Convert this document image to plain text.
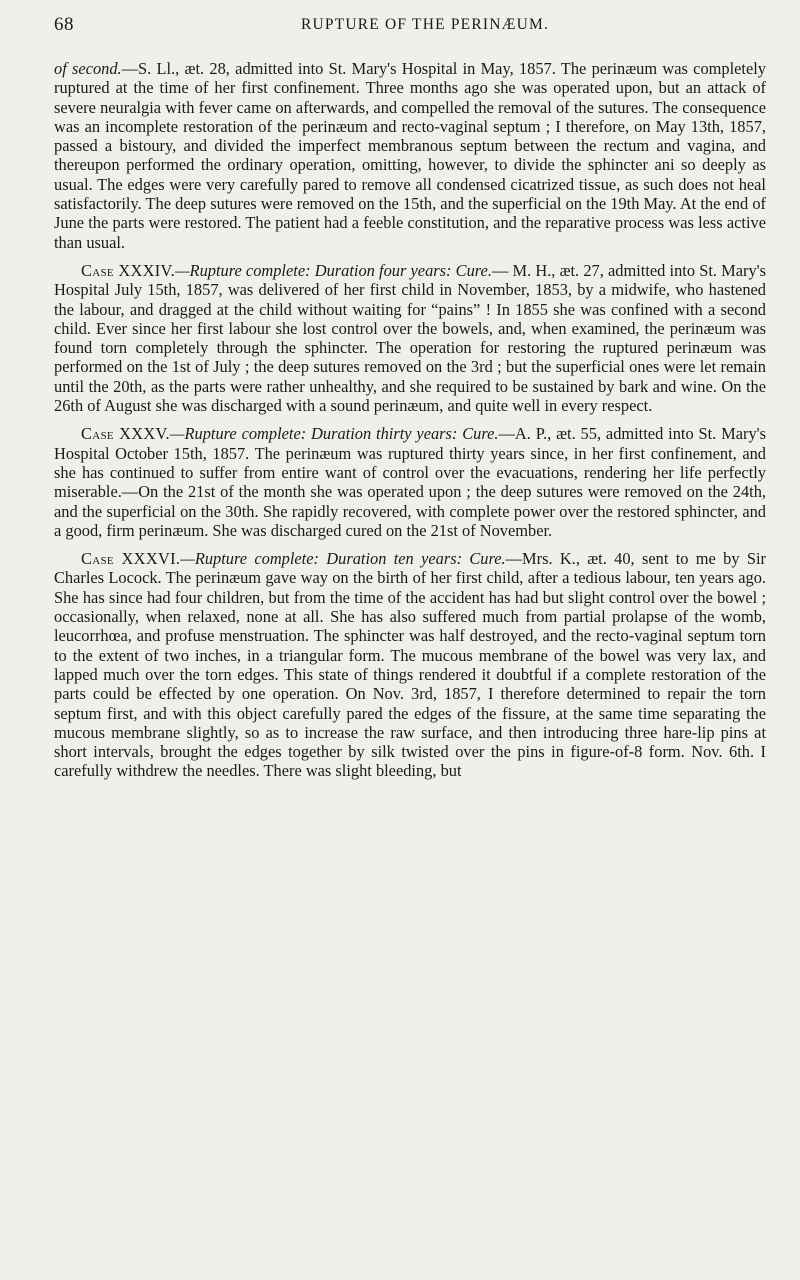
68	RUPTURE OF THE PERINÆUM.

of second.—S. Ll., æt. 28, admitted into St. Mary's Hospital in May, 1857. The perinæum was completely ruptured at the time of her first confinement. Three months ago she was operated upon, but an attack of severe neuralgia with fever came on afterwards, and compelled the removal of the sutures. The consequence was an incomplete restoration of the perinæum and recto-vaginal septum ; I therefore, on May 13th, 1857, passed a bistoury, and divided the imperfect membranous septum between the rectum and vagina, and thereupon performed the ordinary operation, omitting, however, to divide the sphincter ani so deeply as usual. The edges were very carefully pared to remove all condensed cicatrized tissue, as such does not heal satisfactorily. The deep sutures were removed on the 15th, and the superficial on the 19th May. At the end of June the parts were restored. The patient had a feeble constitution, and the reparative process was less active than usual.

Case XXXIV.—Rupture complete: Duration four years: Cure.— M. H., æt. 27, admitted into St. Mary's Hospital July 15th, 1857, was delivered of her first child in November, 1853, by a midwife, who hastened the labour, and dragged at the child without waiting for “pains” ! In 1855 she was confined with a second child. Ever since her first labour she lost control over the bowels, and, when examined, the perinæum was found torn completely through the sphincter. The operation for restoring the ruptured perinæum was performed on the 1st of July ; the deep sutures removed on the 3rd ; but the superficial ones were let remain until the 20th, as the parts were rather unhealthy, and she required to be sustained by bark and wine. On the 26th of August she was discharged with a sound perinæum, and quite well in every respect.

Case XXXV.—Rupture complete: Duration thirty years: Cure.—A. P., æt. 55, admitted into St. Mary's Hospital October 15th, 1857. The perinæum was ruptured thirty years since, in her first confinement, and she has continued to suffer from entire want of control over the evacuations, rendering her life perfectly miserable.—On the 21st of the month she was operated upon ; the deep sutures were removed on the 24th, and the superficial on the 30th. She rapidly recovered, with complete power over the restored sphincter, and a good, firm perinæum. She was discharged cured on the 21st of November.

Case XXXVI.—Rupture complete: Duration ten years: Cure.—Mrs. K., æt. 40, sent to me by Sir Charles Locock. The perinæum gave way on the birth of her first child, after a tedious labour, ten years ago. She has since had four children, but from the time of the accident has had but slight control over the bowel ; occasionally, when relaxed, none at all. She has also suffered much from partial prolapse of the womb, leucorrhœa, and profuse menstruation. The sphincter was half destroyed, and the recto-vaginal septum torn to the extent of two inches, in a triangular form. The mucous membrane of the bowel was very lax, and lapped much over the torn edges. This state of things rendered it doubtful if a complete restoration of the parts could be effected by one operation. On Nov. 3rd, 1857, I therefore determined to repair the torn septum first, and with this object carefully pared the edges of the fissure, at the same time separating the mucous membrane slightly, so as to increase the raw surface, and then introducing three hare-lip pins at short intervals, brought the edges together by silk twisted over the pins in figure-of-8 form. Nov. 6th. I carefully withdrew the needles. There was slight bleeding, but
